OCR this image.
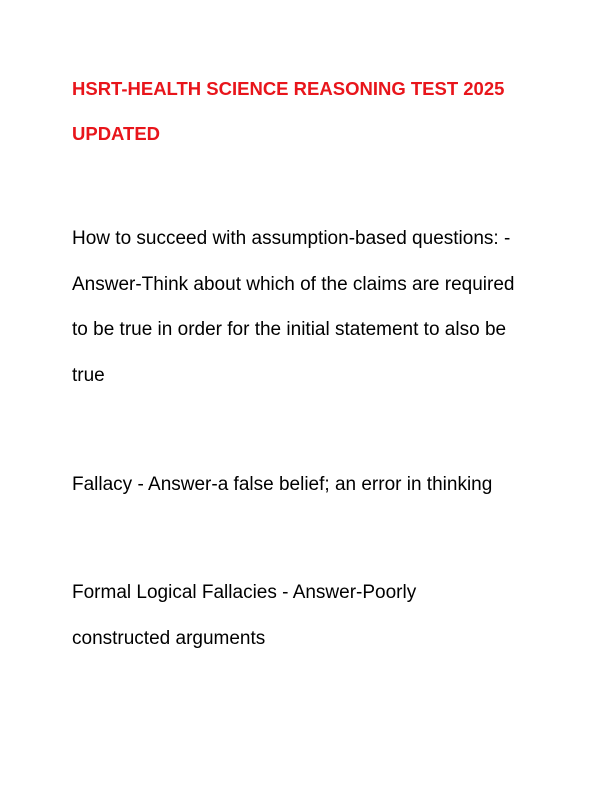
HSRT-HEALTH SCIENCE REASONING TEST 2025
UPDATED
How to succeed with assumption-based questions: -
Answer-Think about which of the claims are required
to be true in order for the initial statement to also be
true
Fallacy - Answer-a false belief; an error in thinking
Formal Logical Fallacies - Answer-Poorly
constructed arguments
